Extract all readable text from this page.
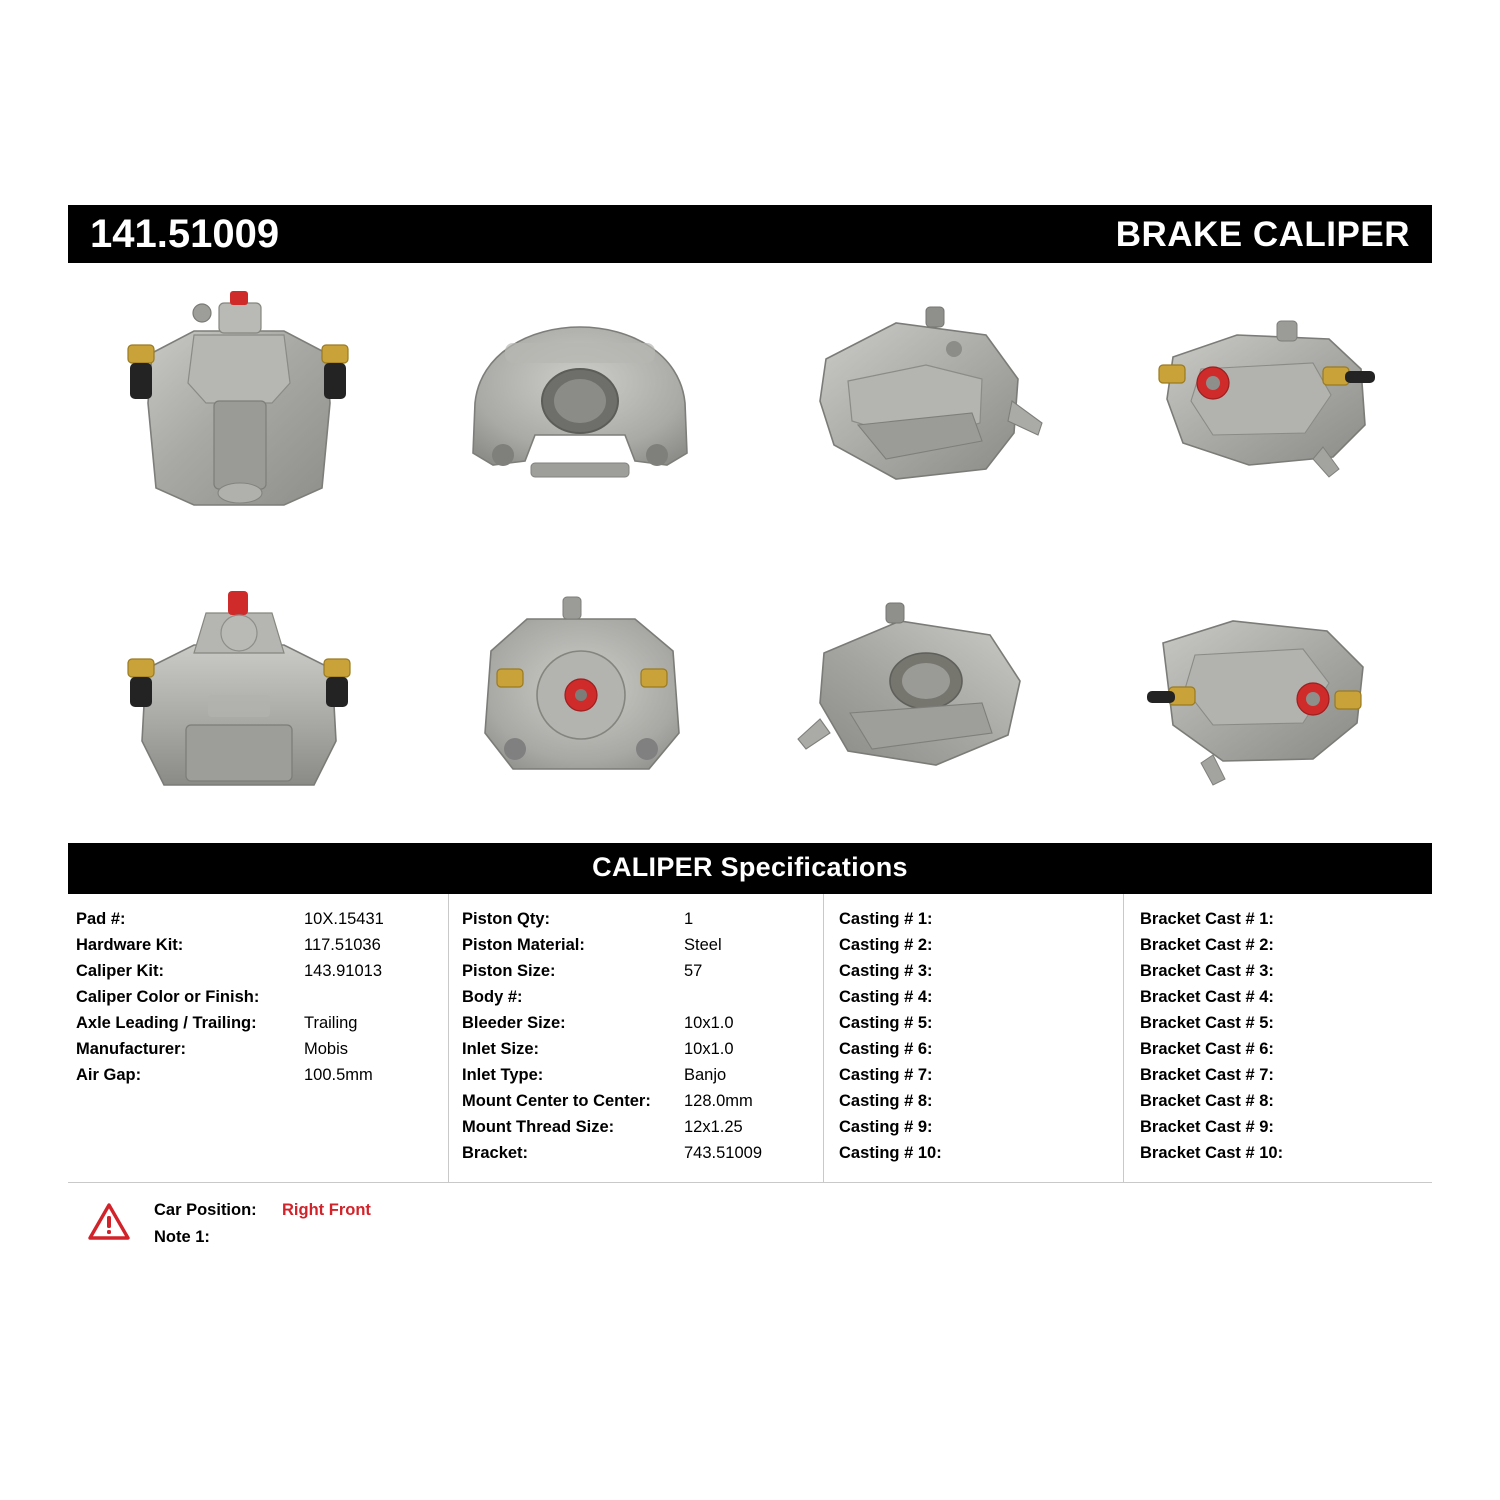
141.51009	BRAKE CALIPER
CALIPER Specifications
Pad #:	10X.15431
Hardware Kit:	117.51036
Caliper Kit:	143.91013
Caliper Color or Finish:
Axle Leading / Trailing:	Trailing
Manufacturer:	Mobis
Air Gap:	100.5mm
Piston Qty:	1
Piston Material:	Steel
Piston Size:	57
Body #:
Bleeder Size:	10x1.0
Inlet Size:	10x1.0
Inlet Type:	Banjo
Mount Center to Center:	128.0mm
Mount Thread Size:	12x1.25
Bracket:	743.51009
Casting # 1:
Casting # 2:
Casting # 3:
Casting # 4:
Casting # 5:
Casting # 6:
Casting # 7:
Casting # 8:
Casting # 9:
Casting # 10:
Bracket Cast # 1:
Bracket Cast # 2:
Bracket Cast # 3:
Bracket Cast # 4:
Bracket Cast # 5:
Bracket Cast # 6:
Bracket Cast # 7:
Bracket Cast # 8:
Bracket Cast # 9:
Bracket Cast # 10:
Car Position:	Right Front
Note 1:
